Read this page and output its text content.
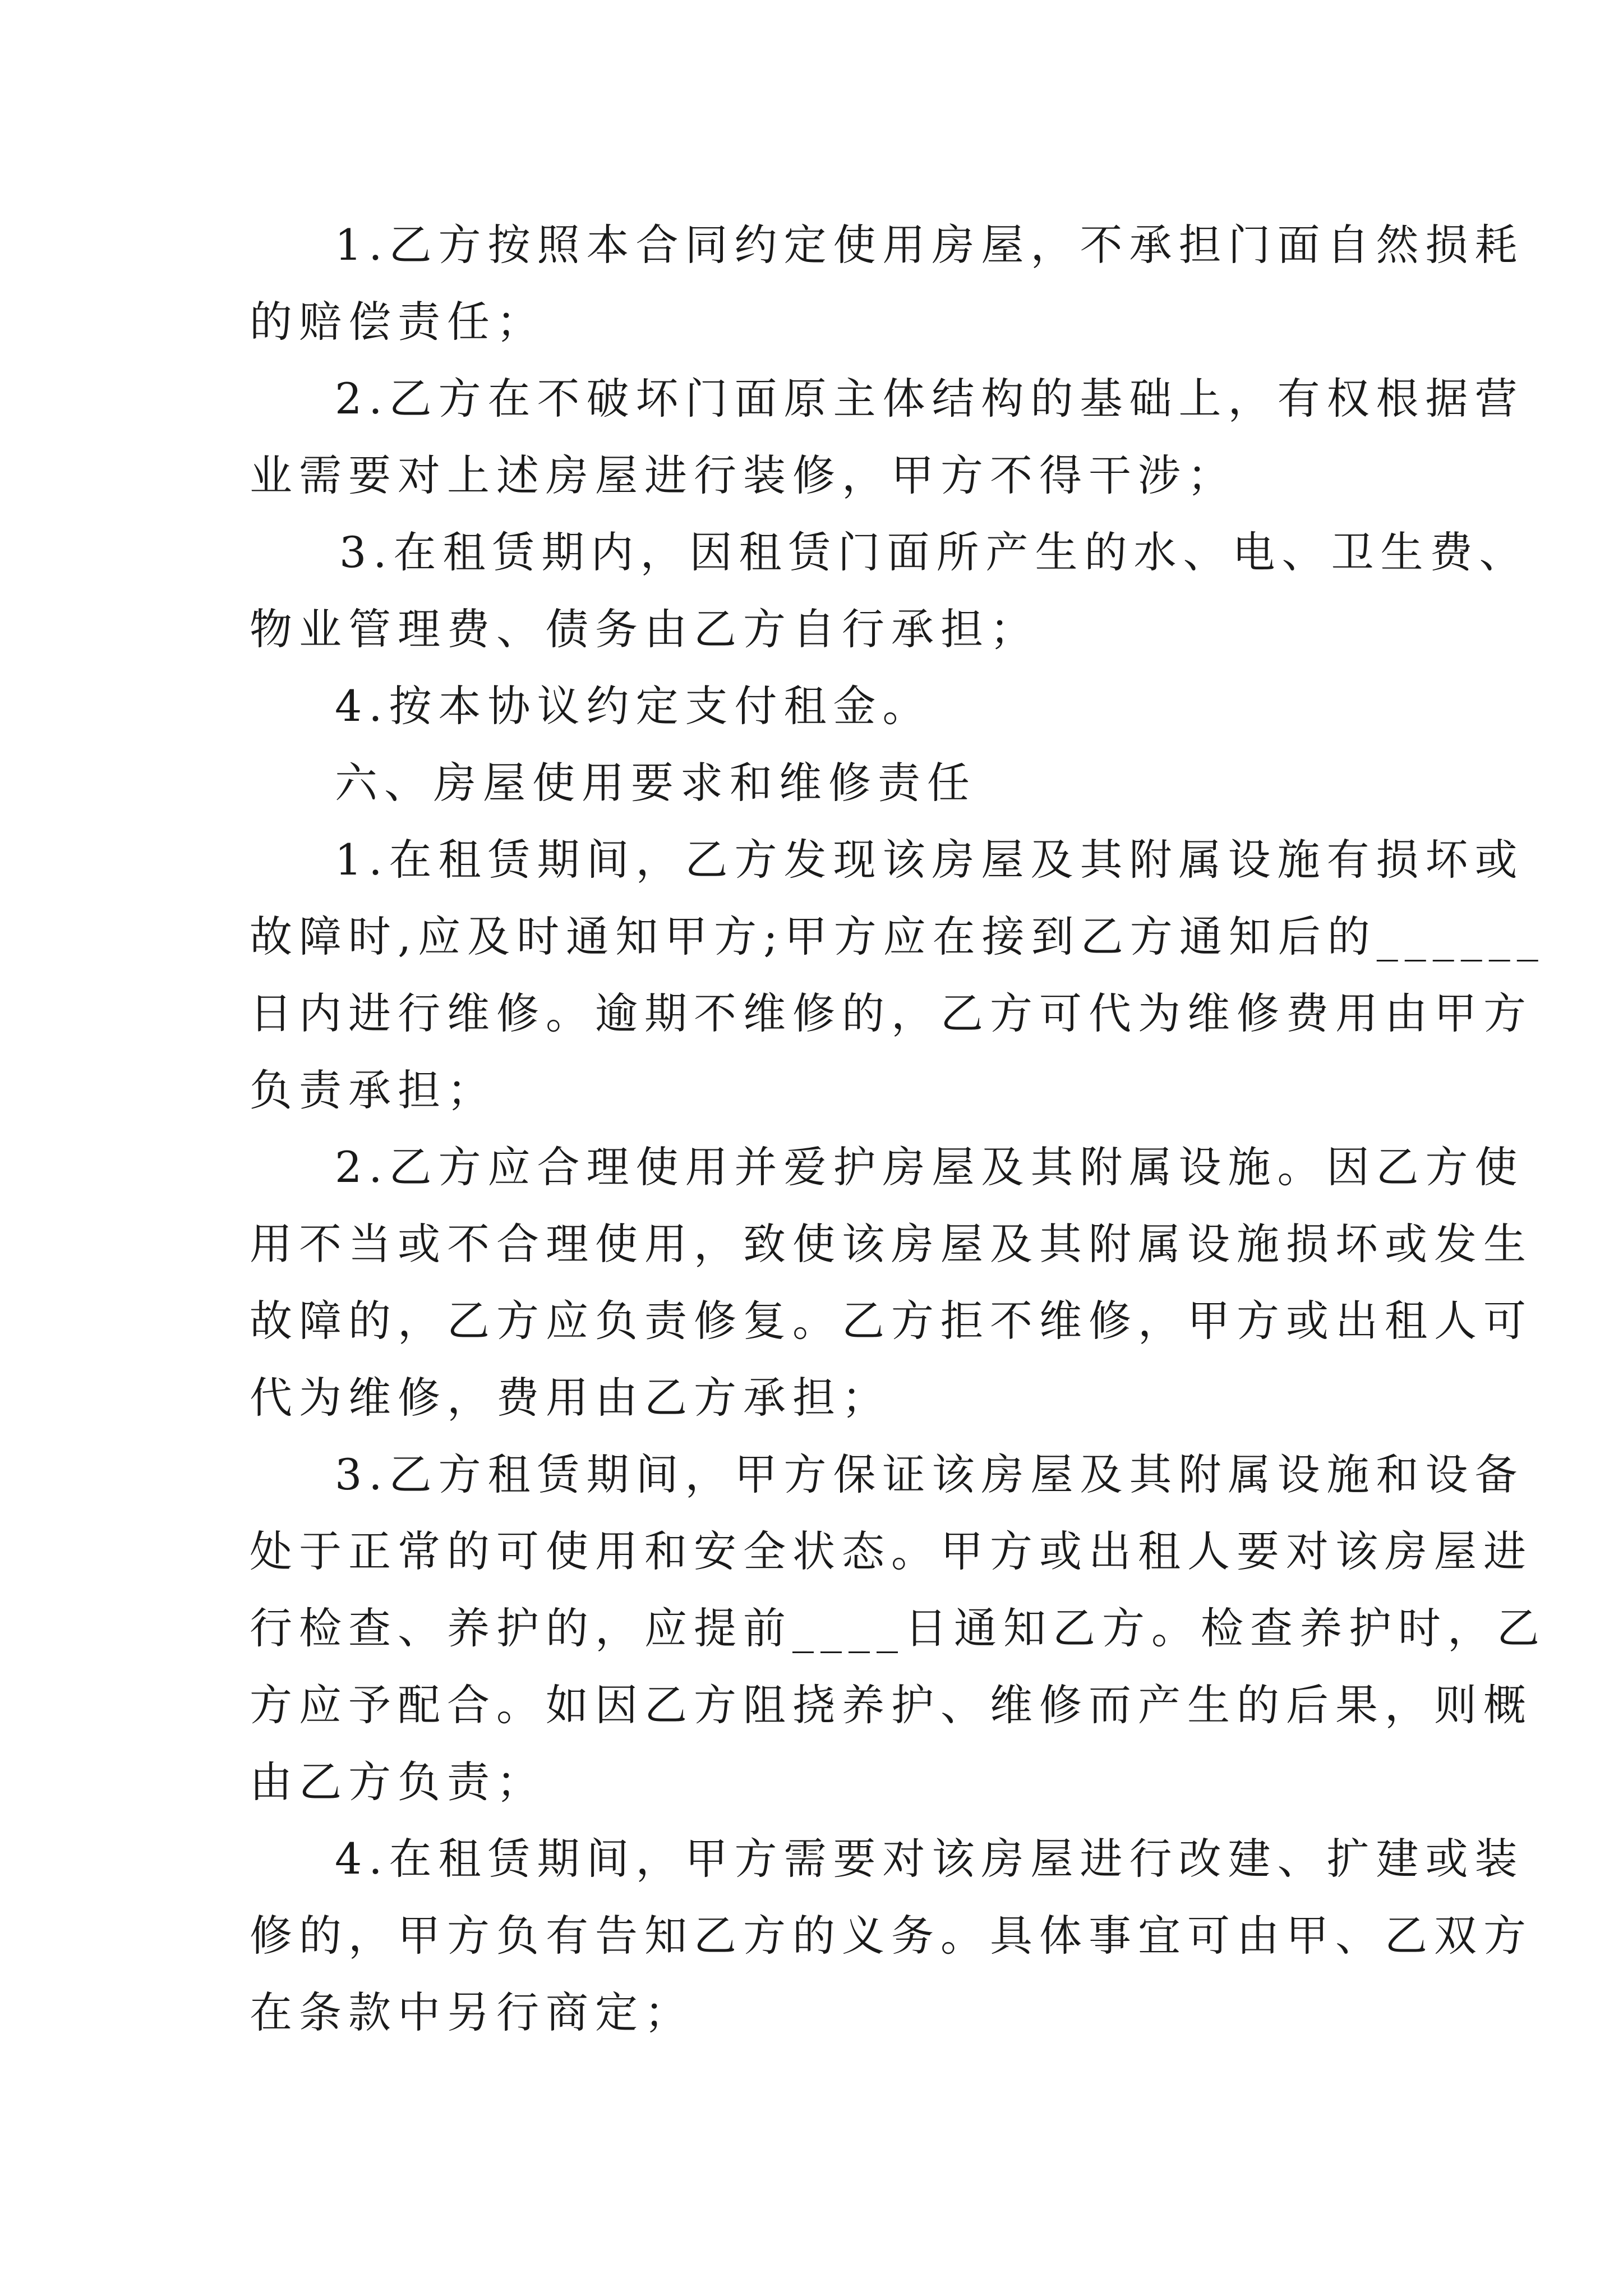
1.乙方按照本合同约定使用房屋，不承担门面自然损耗
的赔偿责任；
2.乙方在不破坏门面原主体结构的基础上，有权根据营
业需要对上述房屋进行装修，甲方不得干涉；
3.在租赁期内，因租赁门面所产生的水、电、卫生费、
物业管理费、债务由乙方自行承担；
4.按本协议约定支付租金。
六、房屋使用要求和维修责任
1.在租赁期间，乙方发现该房屋及其附属设施有损坏或
故障时,应及时通知甲方;甲方应在接到乙方通知后的______
日内进行维修。逾期不维修的，乙方可代为维修费用由甲方
负责承担；
2.乙方应合理使用并爱护房屋及其附属设施。因乙方使
用不当或不合理使用，致使该房屋及其附属设施损坏或发生
故障的，乙方应负责修复。乙方拒不维修，甲方或出租人可
代为维修，费用由乙方承担；
3.乙方租赁期间，甲方保证该房屋及其附属设施和设备
处于正常的可使用和安全状态。甲方或出租人要对该房屋进
行检查、养护的，应提前____日通知乙方。检查养护时，乙
方应予配合。如因乙方阻挠养护、维修而产生的后果，则概
由乙方负责；
4.在租赁期间，甲方需要对该房屋进行改建、扩建或装
修的，甲方负有告知乙方的义务。具体事宜可由甲、乙双方
在条款中另行商定；
